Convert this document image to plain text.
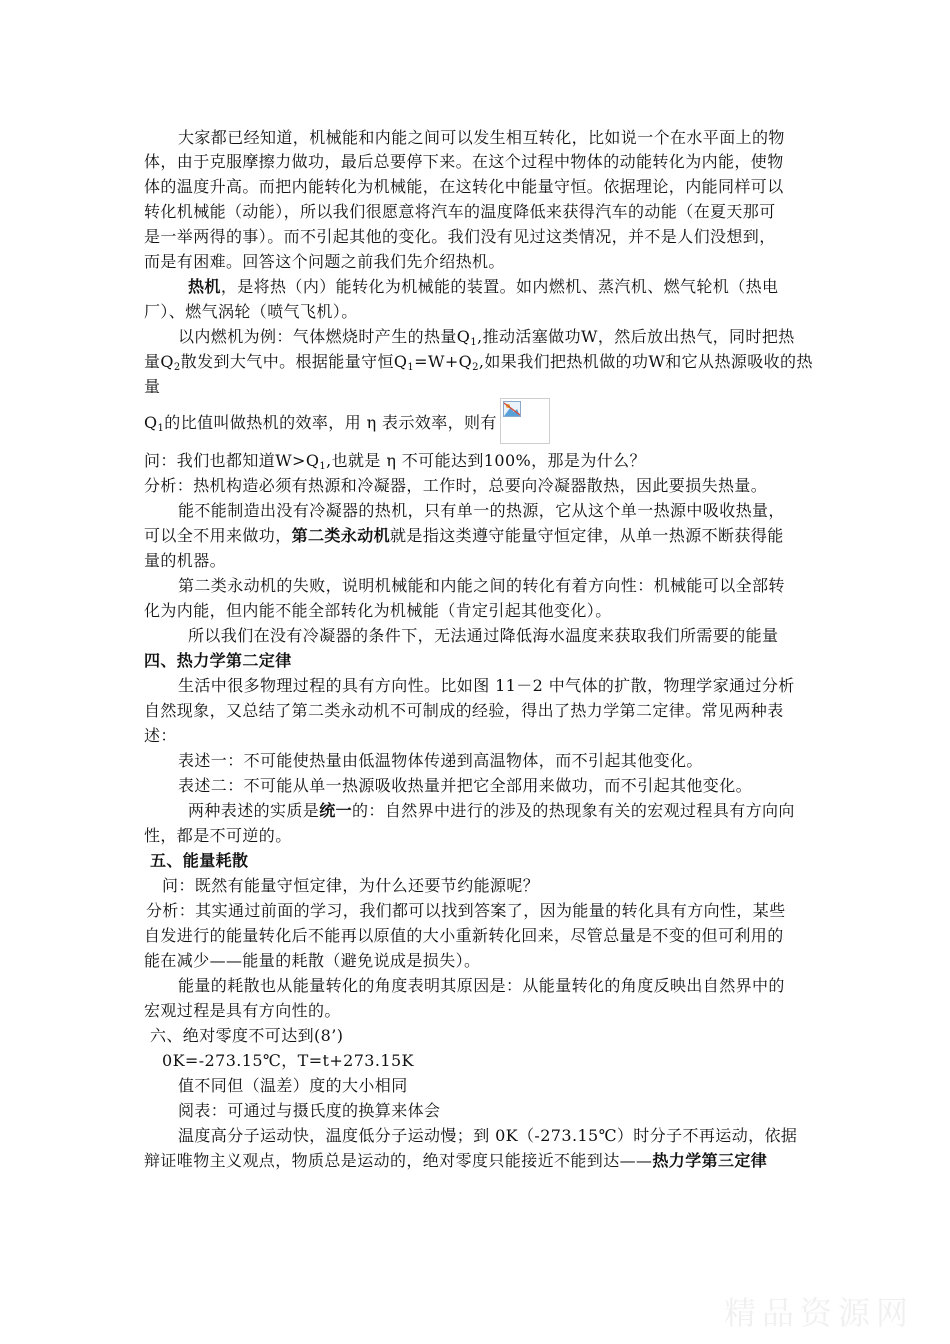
大家都已经知道，机械能和内能之间可以发生相互转化，比如说一个在水平面上的物
体，由于克服摩擦力做功，最后总要停下来。在这个过程中物体的动能转化为内能，使物
体的温度升高。而把内能转化为机械能，在这转化中能量守恒。依据理论，内能同样可以
转化机械能（动能），所以我们很愿意将汽车的温度降低来获得汽车的动能（在夏天那可
是一举两得的事）。而不引起其他的变化。我们没有见过这类情况，并不是人们没想到，
而是有困难。回答这个问题之前我们先介绍热机。
热机，是将热（内）能转化为机械能的装置。如内燃机、蒸汽机、燃气轮机（热电
厂）、燃气涡轮（喷气飞机）。
以内燃机为例：气体燃烧时产生的热量$Q_1$,推动活塞做功W，然后放出热气，同时把热
量$Q_2$散发到大气中。根据能量守恒$Q_1=W+Q_2$,如果我们把热机做的功W和它从热源吸收的热
量
$Q_1$的比值叫做热机的效率，用 η 表示效率，则有
问：我们也都知道$W>Q_1$,也就是 η 不可能达到100%，那是为什么？
分析：热机构造必须有热源和冷凝器，工作时，总要向冷凝器散热，因此要损失热量。
能不能制造出没有冷凝器的热机，只有单一的热源，它从这个单一热源中吸收热量，
可以全不用来做功，第二类永动机就是指这类遵守能量守恒定律，从单一热源不断获得能
量的机器。
第二类永动机的失败，说明机械能和内能之间的转化有着方向性：机械能可以全部转
化为内能，但内能不能全部转化为机械能（肯定引起其他变化）。
所以我们在没有冷凝器的条件下，无法通过降低海水温度来获取我们所需要的能量
四、热力学第二定律
生活中很多物理过程的具有方向性。比如图 11－2 中气体的扩散，物理学家通过分析
自然现象，又总结了第二类永动机不可制成的经验，得出了热力学第二定律。常见两种表
述：
表述一：不可能使热量由低温物体传递到高温物体，而不引起其他变化。
表述二：不可能从单一热源吸收热量并把它全部用来做功，而不引起其他变化。
两种表述的实质是统一的：自然界中进行的涉及的热现象有关的宏观过程具有方向向
性，都是不可逆的。
五、能量耗散
问：既然有能量守恒定律，为什么还要节约能源呢？
分析：其实通过前面的学习，我们都可以找到答案了，因为能量的转化具有方向性，某些
自发进行的能量转化后不能再以原值的大小重新转化回来，尽管总量是不变的但可利用的
能在减少——能量的耗散（避免说成是损失）。
能量的耗散也从能量转化的角度表明其原因是：从能量转化的角度反映出自然界中的
宏观过程是具有方向性的。
六、绝对零度不可达到(8’)
0K=-273.15℃，T=t+273.15K
值不同但（温差）度的大小相同
阅表：可通过与摄氏度的换算来体会
温度高分子运动快，温度低分子运动慢；到 0K（-273.15℃）时分子不再运动，依据
辩证唯物主义观点，物质总是运动的，绝对零度只能接近不能到达——热力学第三定律
精品资源网
